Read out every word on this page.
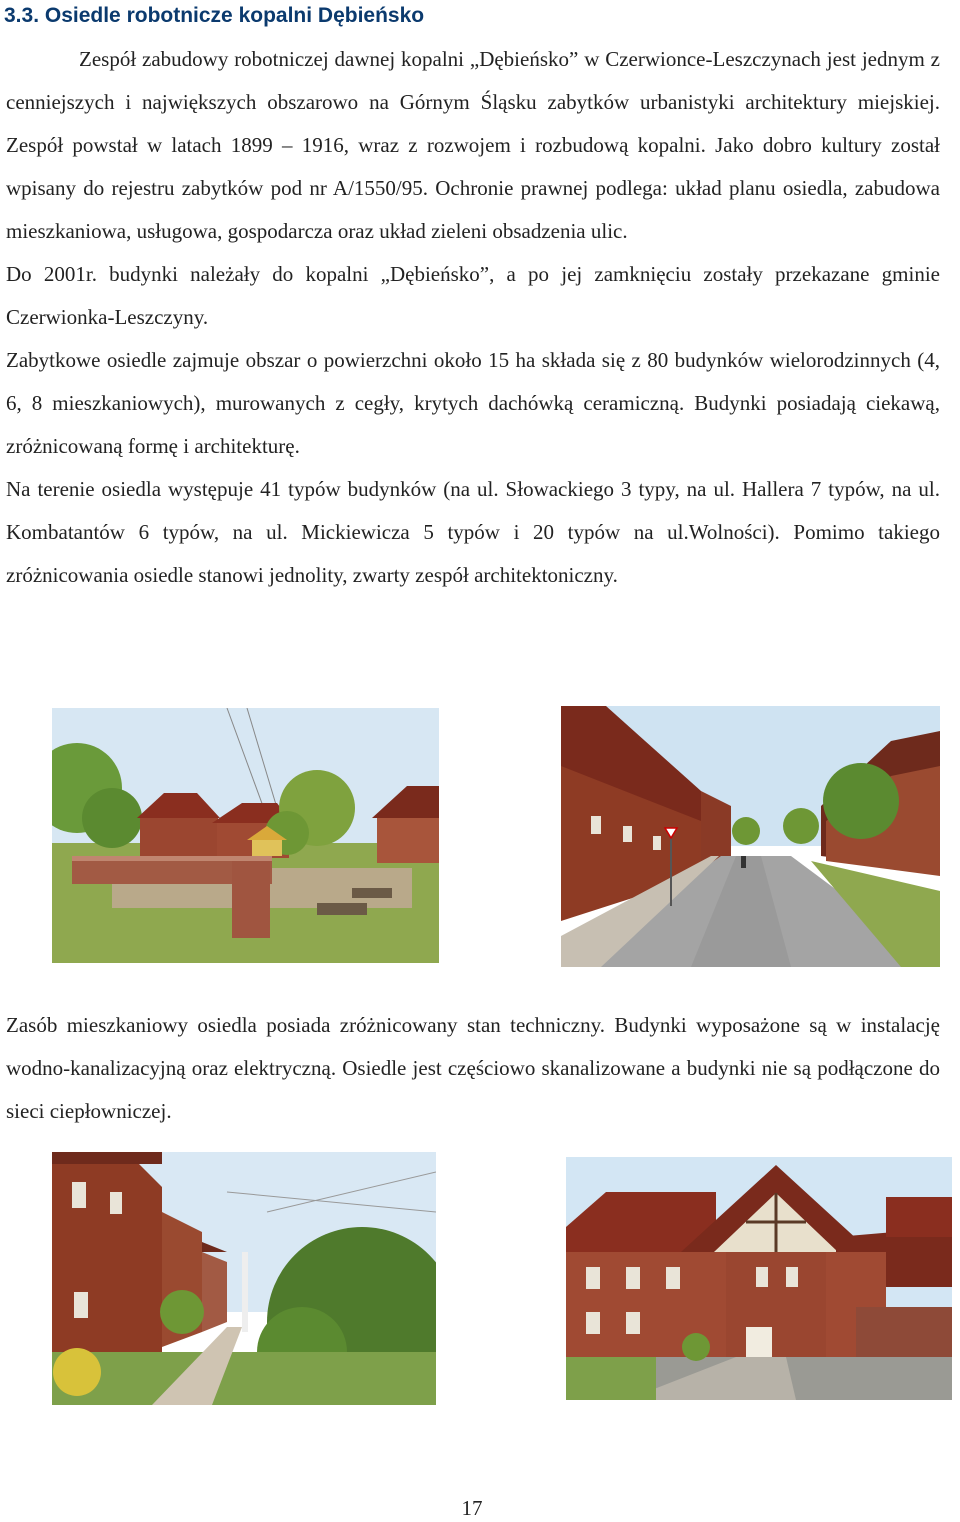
3.3. Osiedle robotnicze kopalni Dębieńsko

Zespół zabudowy robotniczej dawnej kopalni „Dębieńsko” w Czerwionce-Leszczynach jest jednym z cenniejszych i największych obszarowo na Górnym Śląsku zabytków urbanistyki architektury miejskiej. Zespół powstał w latach 1899 – 1916, wraz z rozwojem i rozbudową kopalni. Jako dobro kultury został wpisany do rejestru zabytków pod nr A/1550/95. Ochronie prawnej podlega: układ planu osiedla, zabudowa mieszkaniowa, usługowa, gospodarcza oraz układ zieleni obsadzenia ulic.

Do 2001r. budynki należały do kopalni „Dębieńsko”, a po jej zamknięciu zostały przekazane gminie Czerwionka-Leszczyny.

Zabytkowe osiedle zajmuje obszar o powierzchni około 15 ha składa się z 80 budynków wielorodzinnych (4, 6, 8 mieszkaniowych), murowanych z cegły, krytych dachówką ceramiczną. Budynki posiadają ciekawą, zróżnicowaną formę i architekturę.

Na terenie osiedla występuje 41 typów budynków (na ul. Słowackiego 3 typy, na ul. Hallera 7 typów, na ul. Kombatantów 6 typów, na ul. Mickiewicza 5 typów i 20 typów na ul.Wolności). Pomimo takiego zróżnicowania osiedle stanowi jednolity, zwarty zespół architektoniczny.

Zasób mieszkaniowy osiedla posiada zróżnicowany stan techniczny. Budynki wyposażone są w instalację wodno-kanalizacyjną oraz elektryczną. Osiedle jest częściowo skanalizowane a budynki nie są podłączone do sieci ciepłowniczej.

17
